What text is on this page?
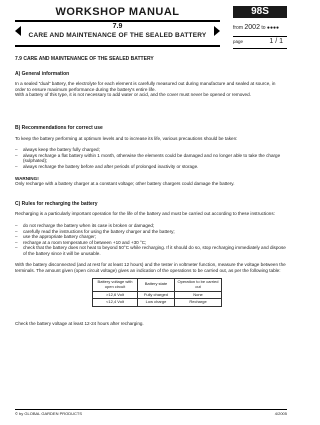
WORKSHOP MANUAL
7.9
CARE AND MAINTENANCE OF THE SEALED BATTERY
98S
from 2002 to ●●●●
page	1 / 1
7.9 CARE AND MAINTENANCE OF THE SEALED BATTERY
A) General information

In a sealed “dual” battery, the electrolyte for each element is carefully measured out during manufacture and sealed at source, in order to ensure maximum performance during the battery's entire life.

With a battery of this type, it is not necessary to add water or acid, and the cover must never be opened or removed.

B) Recommendations for correct use

To keep the battery performing at optimum levels and to increase its life, various precautions should be taken:

– always keep the battery fully charged;
– always recharge a flat battery within 1 month, otherwise the elements could be damaged and no longer able to take the charge (sulphated);
– always recharge the battery before and after periods of prolonged inactivity or storage.

WARNING!

Only recharge with a battery charger at a constant voltage; other battery chargers could damage the battery.

C) Rules for recharging the battery

Recharging is a particularly important operation for the life of the battery and must be carried out according to these instructions:

– do not recharge the battery when its case is broken or damaged;
– carefully read the instructions for using the battery charger and the battery;
– use the appropriate battery charger;
– recharge at a room temperature of between +10 and +30 °C;
– check that the battery does not heat to beyond 50°C while recharging. If it should do so, stop recharging immediately and dispose of the battery since it will be unusable.

With the battery disconnected (and at rest for at least 12 hours) and the tester in voltmeter function, measure the voltage between the terminals. The amount given (open circuit voltage) gives an indication of the operations to be carried out, as per the following table:

Battery voltage with open circuit	Battery state	Operation to be carried out
>12,6 Volt	Fully charged	None
<12,4 Volt	Low charge	Recharge

Check the battery voltage at least 12-24 hours after recharging.

© by GLOBAL GARDEN PRODUCTS	4/2005
